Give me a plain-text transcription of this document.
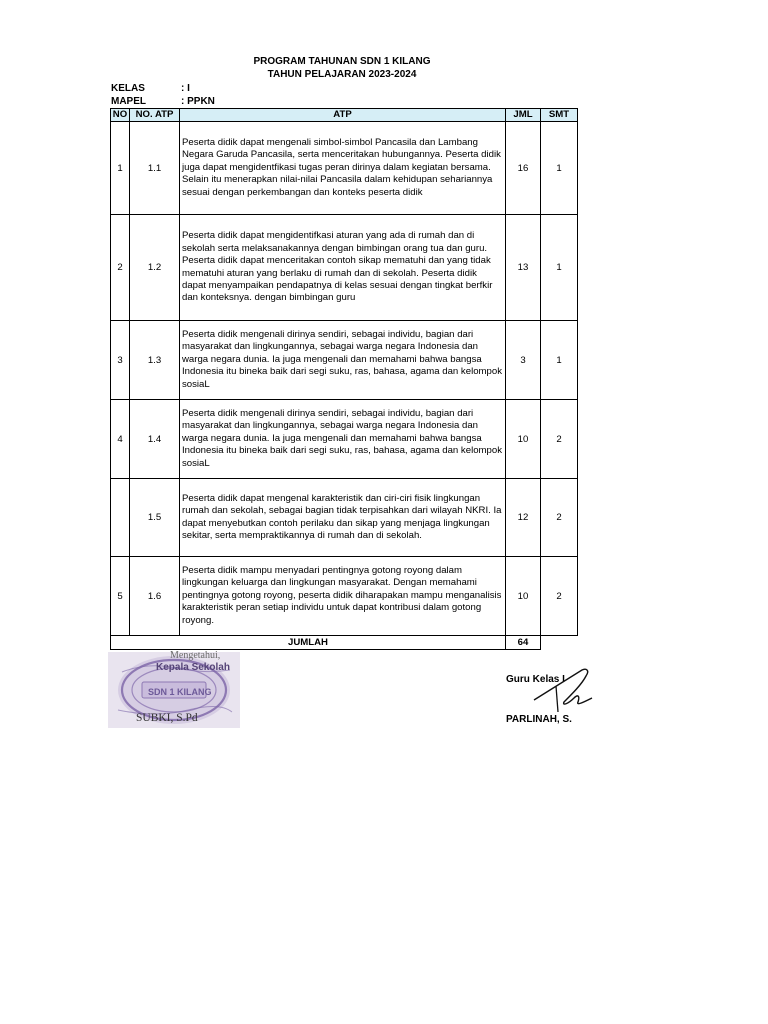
PROGRAM TAHUNAN SDN 1 KILANG
TAHUN PELAJARAN 2023-2024
KELAS	: I
MAPEL	: PPKN
NO	NO. ATP	ATP	JML	SMT
1	1.1	Peserta didik dapat mengenali simbol-simbol Pancasila dan Lambang Negara Garuda Pancasila, serta menceritakan hubungannya. Peserta didik juga dapat mengidentfikasi tugas peran dirinya dalam kegiatan bersama. Selain itu menerapkan nilai-nilai Pancasila dalam kehidupan sehariannya sesuai dengan perkembangan dan konteks peserta didik	16	1
2	1.2	Peserta didik dapat mengidentifkasi aturan yang ada di rumah dan di sekolah serta melaksanakannya dengan bimbingan orang tua dan guru. Peserta didik dapat menceritakan contoh sikap mematuhi dan yang tidak mematuhi aturan yang berlaku di rumah dan di sekolah. Peserta didik dapat menyampaikan pendapatnya di kelas sesuai dengan tingkat berfkir dan konteksnya. dengan bimbingan guru	13	1
3	1.3	Peserta didik mengenali dirinya sendiri, sebagai individu, bagian dari masyarakat dan lingkungannya, sebagai warga negara Indonesia dan warga negara dunia. Ia juga mengenali dan memahami bahwa bangsa Indonesia itu bineka baik dari segi suku, ras, bahasa, agama dan kelompok sosiaL	3	1
4	1.4	Peserta didik mengenali dirinya sendiri, sebagai individu, bagian dari masyarakat dan lingkungannya, sebagai warga negara Indonesia dan warga negara dunia. Ia juga mengenali dan memahami bahwa bangsa Indonesia itu bineka baik dari segi suku, ras, bahasa, agama dan kelompok sosiaL	10	2
	1.5	Peserta didik dapat mengenal karakteristik dan ciri-ciri fisik lingkungan rumah dan sekolah, sebagai bagian tidak terpisahkan dari wilayah NKRI. Ia dapat menyebutkan contoh perilaku dan sikap yang menjaga lingkungan sekitar, serta mempraktikannya di rumah dan di sekolah.	12	2
5	1.6	Peserta didik mampu menyadari pentingnya gotong royong dalam lingkungan keluarga dan lingkungan masyarakat. Dengan memahami pentingnya gotong royong, peserta didik diharapakan mampu menganalisis karakteristik peran setiap individu untuk dapat kontribusi dalam gotong royong.	10	2
JUMLAH			64	
Mengetahui,
Kepala Sekolah
SDN 1 KILANG
SUBKI, S.Pd
Guru Kelas I
PARLINAH, S.
